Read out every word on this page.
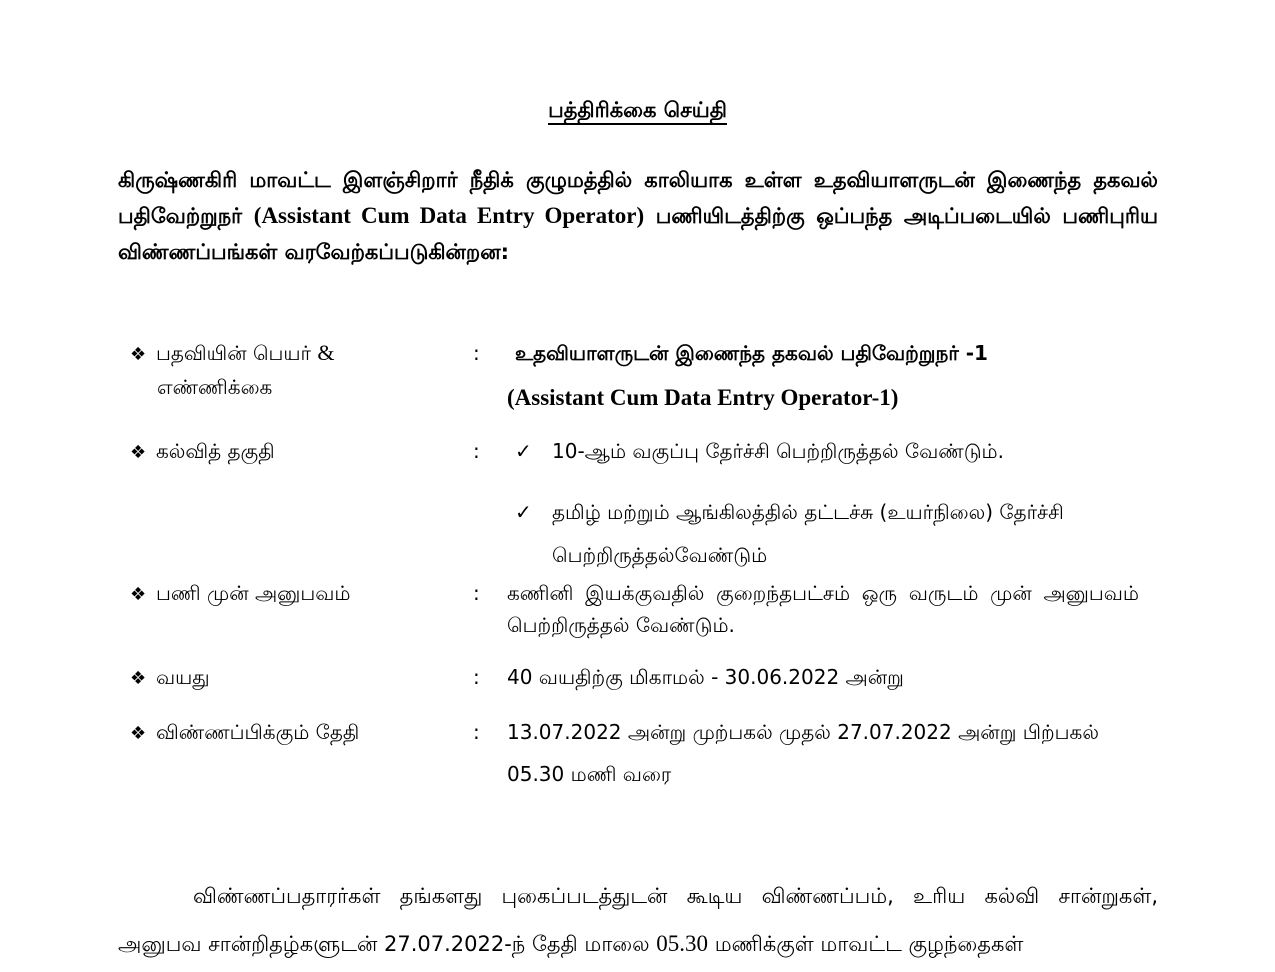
பத்திரிக்கை செய்தி

கிருஷ்ணகிரி மாவட்ட இளஞ்சிறார் நீதிக் குழுமத்தில் காலியாக உள்ள உதவியாளருடன் இணைந்த தகவல் பதிவேற்றுநர் (Assistant Cum Data Entry Operator) பணியிடத்திற்கு ஒப்பந்த அடிப்படையில் பணிபுரிய விண்ணப்பங்கள் வரவேற்கப்படுகின்றன:

❖ பதவியின் பெயர் &
எண்ணிக்கை
:	உதவியாளருடன் இணைந்த தகவல் பதிவேற்றுநர் -1
(Assistant Cum Data Entry Operator-1)
❖ கல்வித் தகுதி	: ✓ 10-ஆம் வகுப்பு தேர்ச்சி பெற்றிருத்தல் வேண்டும்.
✓ தமிழ் மற்றும் ஆங்கிலத்தில் தட்டச்சு (உயர்நிலை) தேர்ச்சி பெற்றிருத்தல்வேண்டும்
❖ பணி முன் அனுபவம்	: கணினி இயக்குவதில் குறைந்தபட்சம் ஒரு வருடம் முன் அனுபவம் பெற்றிருத்தல் வேண்டும்.
❖ வயது	: 40 வயதிற்கு மிகாமல் - 30.06.2022 அன்று
❖ விண்ணப்பிக்கும் தேதி	: 13.07.2022 அன்று முற்பகல் முதல் 27.07.2022 அன்று பிற்பகல் 05.30 மணி வரை

விண்ணப்பதாரர்கள் தங்களது புகைப்படத்துடன் கூடிய விண்ணப்பம், உரிய கல்வி சான்றுகள், அனுபவ சான்றிதழ்களுடன் 27.07.2022-ந் தேதி மாலை 05.30 மணிக்குள் மாவட்ட குழந்தைகள்
